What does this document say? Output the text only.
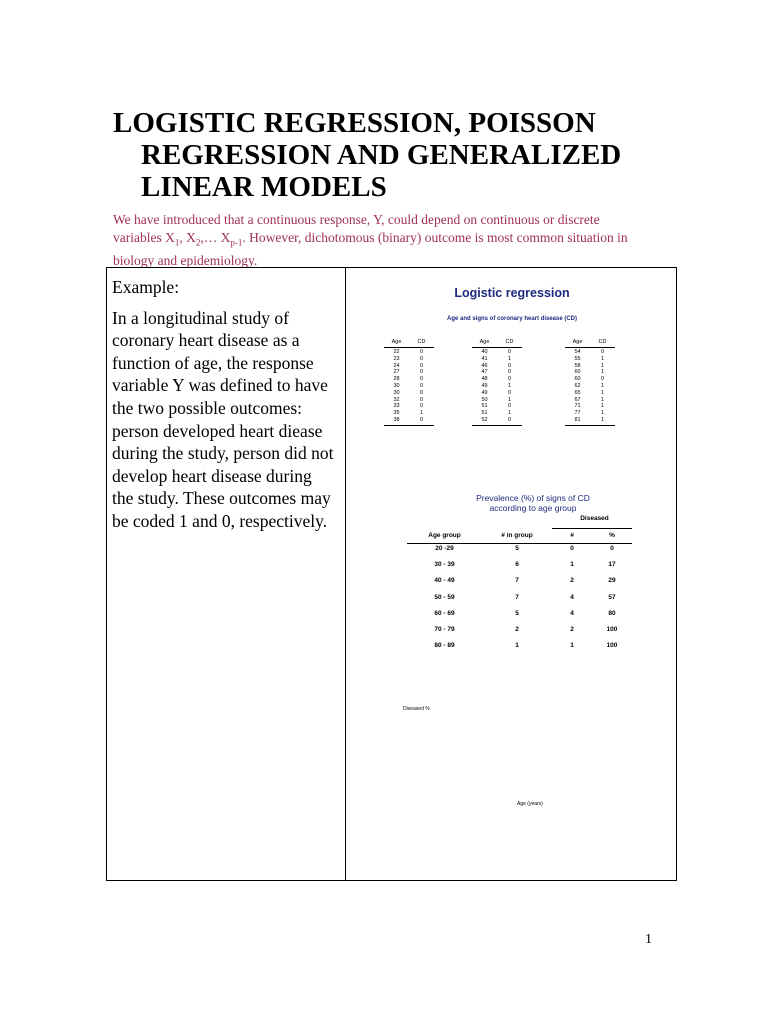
LOGISTIC REGRESSION, POISSON
REGRESSION AND GENERALIZED
LINEAR MODELS

We have introduced that a continuous response, Y, could depend on continuous or discrete variables $X_1$, $X_2,\dots$ $X_{p-1}$. However, dichotomous (binary) outcome is most common situation in biology and epidemiology.

Example:

In a longitudinal study of coronary heart disease as a function of age, the response variable Y was defined to have the two possible outcomes: person developed heart diease during the study, person did not develop heart disease during the study. These outcomes may be coded 1 and 0, respectively.

Logistic regression
Age and signs of coronary heart disease (CD)
Age	CD
22	0
23	0
24	0
27	0
28	0
30	0
30	0
32	0
33	0
35	1
38	0
Age	CD
40	0
41	1
46	0
47	0
48	0
49	1
49	0
50	1
51	0
51	1
52	0
Age	CD
54	0
55	1
58	1
60	1
60	0
62	1
65	1
67	1
71	1
77	1
81	1
Prevalence (%) of signs of CD
according to age group
Diseased
Age group	# in group	#	%
20 -29	5	0	0
30 - 39	6	1	17
40 - 49	7	2	29
50 - 59	7	4	57
60 - 69	5	4	80
70 - 79	2	2	100
80 - 89	1	1	100
Diseased %
Age (years)
1
